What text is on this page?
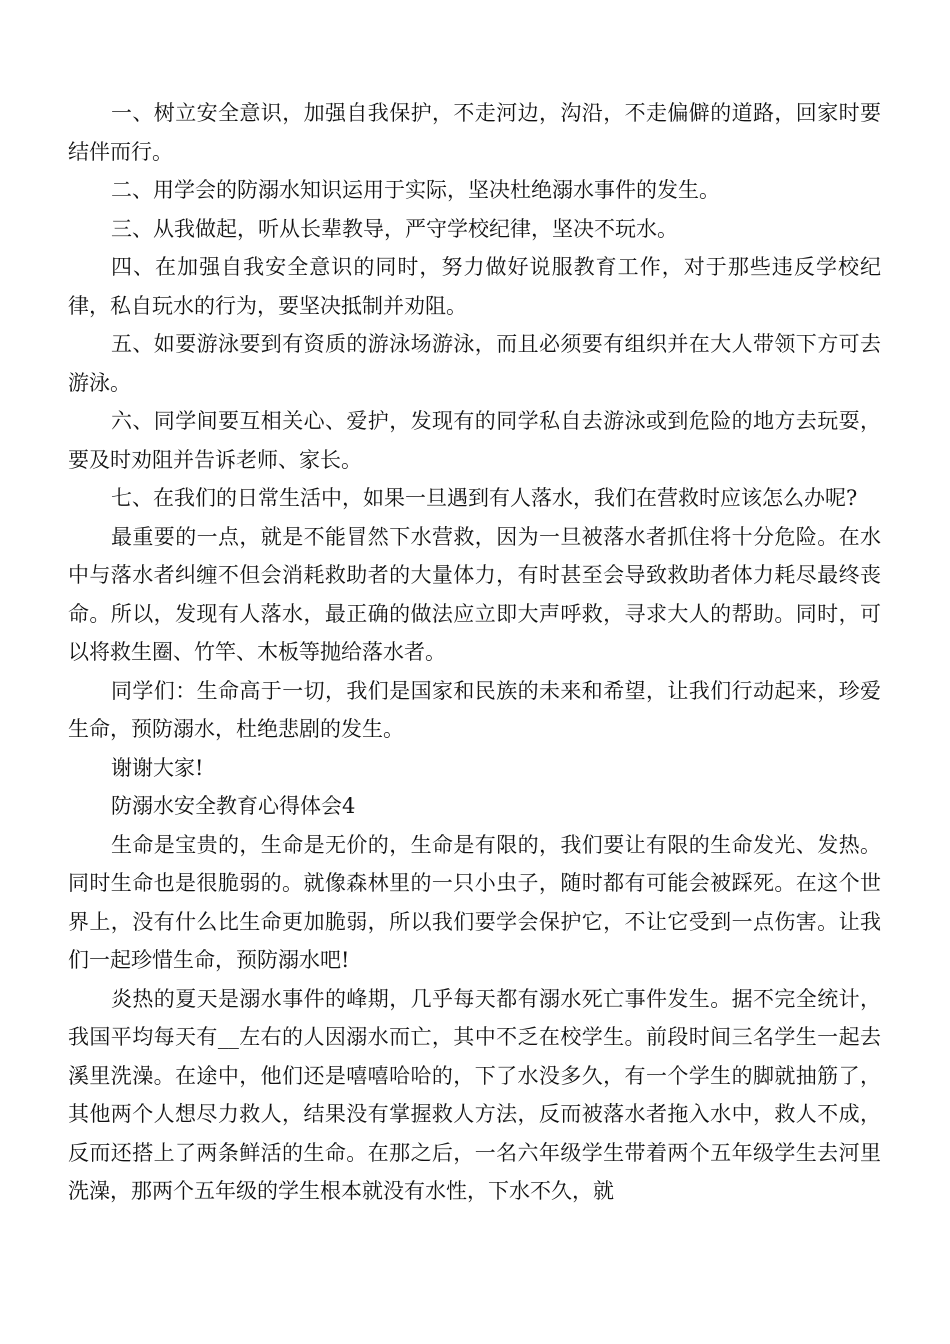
一、树立安全意识，加强自我保护，不走河边，沟沿，不走偏僻的道路，回家时要结伴而行。

二、用学会的防溺水知识运用于实际，坚决杜绝溺水事件的发生。

三、从我做起，听从长辈教导，严守学校纪律，坚决不玩水。

四、在加强自我安全意识的同时，努力做好说服教育工作，对于那些违反学校纪律，私自玩水的行为，要坚决抵制并劝阻。

五、如要游泳要到有资质的游泳场游泳，而且必须要有组织并在大人带领下方可去游泳。

六、同学间要互相关心、爱护，发现有的同学私自去游泳或到危险的地方去玩耍，要及时劝阻并告诉老师、家长。

七、在我们的日常生活中，如果一旦遇到有人落水，我们在营救时应该怎么办呢?

最重要的一点，就是不能冒然下水营救，因为一旦被落水者抓住将十分危险。在水中与落水者纠缠不但会消耗救助者的大量体力，有时甚至会导致救助者体力耗尽最终丧命。所以，发现有人落水，最正确的做法应立即大声呼救，寻求大人的帮助。同时，可以将救生圈、竹竿、木板等抛给落水者。

同学们：生命高于一切，我们是国家和民族的未来和希望，让我们行动起来，珍爱生命，预防溺水，杜绝悲剧的发生。

谢谢大家!

防溺水安全教育心得体会4

生命是宝贵的，生命是无价的，生命是有限的，我们要让有限的生命发光、发热。同时生命也是很脆弱的。就像森林里的一只小虫子，随时都有可能会被踩死。在这个世界上，没有什么比生命更加脆弱，所以我们要学会保护它，不让它受到一点伤害。让我们一起珍惜生命，预防溺水吧!

炎热的夏天是溺水事件的峰期，几乎每天都有溺水死亡事件发生。据不完全统计，我国平均每天有__左右的人因溺水而亡，其中不乏在校学生。前段时间三名学生一起去溪里洗澡。在途中，他们还是嘻嘻哈哈的，下了水没多久，有一个学生的脚就抽筋了，其他两个人想尽力救人，结果没有掌握救人方法，反而被落水者拖入水中，救人不成，反而还搭上了两条鲜活的生命。在那之后，一名六年级学生带着两个五年级学生去河里洗澡，那两个五年级的学生根本就没有水性，下水不久，就
